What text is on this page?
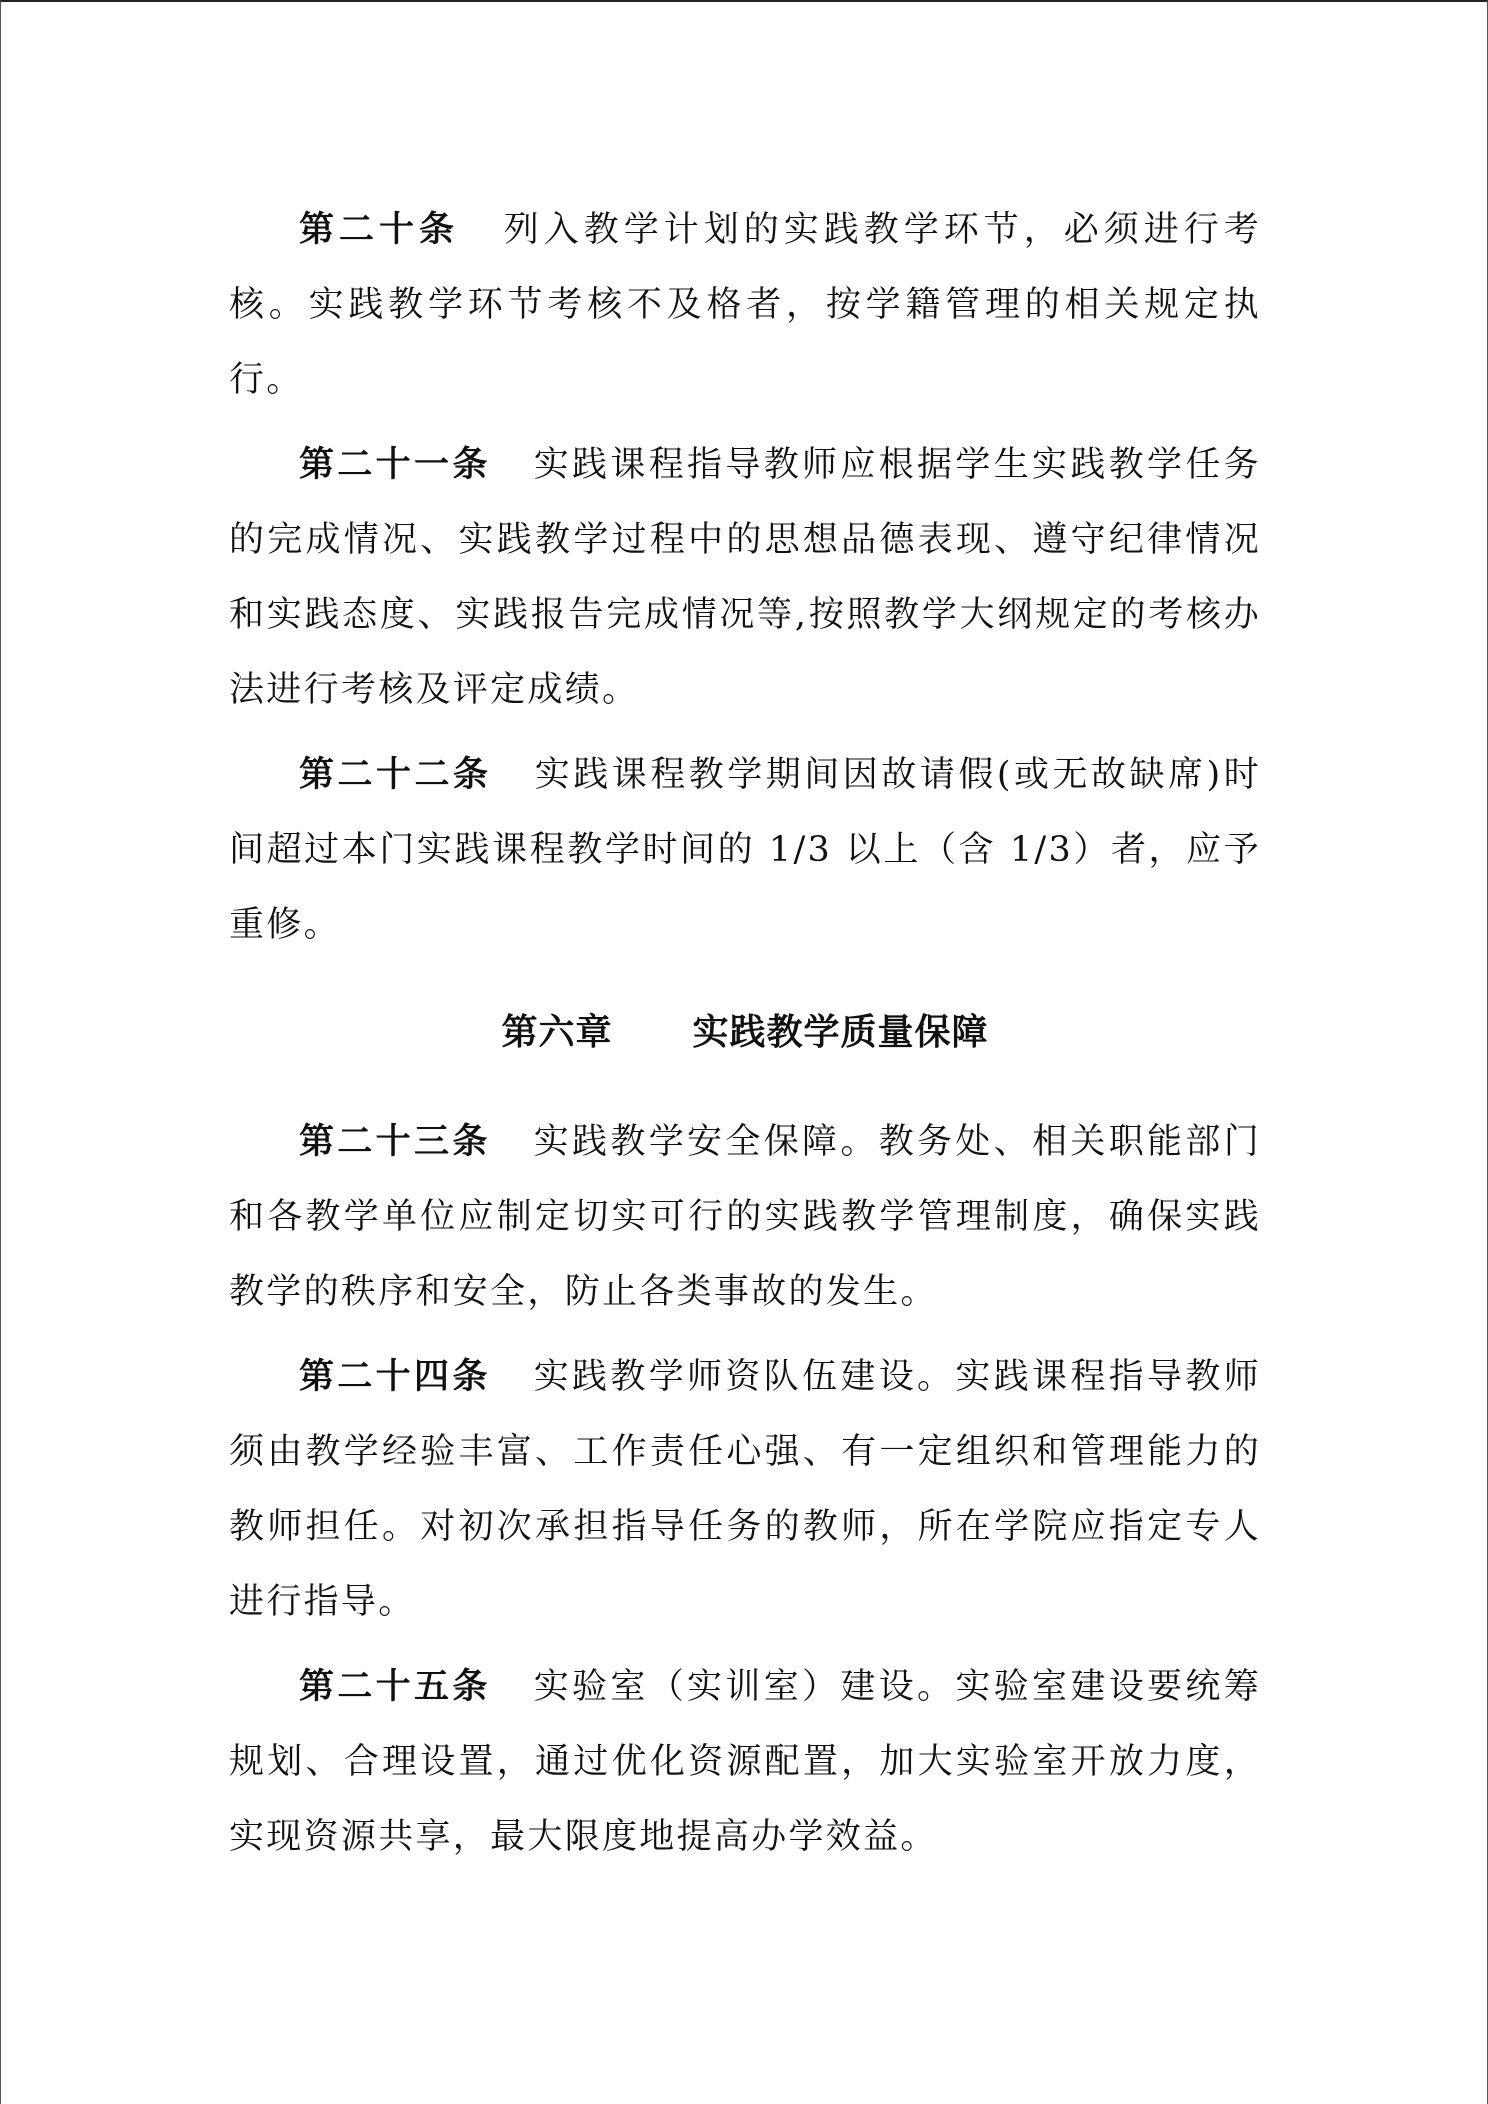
第二十条 列入教学计划的实践教学环节，必须进行考核。实践教学环节考核不及格者，按学籍管理的相关规定执行。

第二十一条 实践课程指导教师应根据学生实践教学任务的完成情况、实践教学过程中的思想品德表现、遵守纪律情况和实践态度、实践报告完成情况等,按照教学大纲规定的考核办法进行考核及评定成绩。

第二十二条 实践课程教学期间因故请假(或无故缺席)时间超过本门实践课程教学时间的 1/3 以上（含 1/3）者，应予重修。

第六章 实践教学质量保障

第二十三条 实践教学安全保障。教务处、相关职能部门和各教学单位应制定切实可行的实践教学管理制度，确保实践教学的秩序和安全，防止各类事故的发生。

第二十四条 实践教学师资队伍建设。实践课程指导教师须由教学经验丰富、工作责任心强、有一定组织和管理能力的教师担任。对初次承担指导任务的教师，所在学院应指定专人进行指导。

第二十五条 实验室（实训室）建设。实验室建设要统筹规划、合理设置，通过优化资源配置，加大实验室开放力度，实现资源共享，最大限度地提高办学效益。
